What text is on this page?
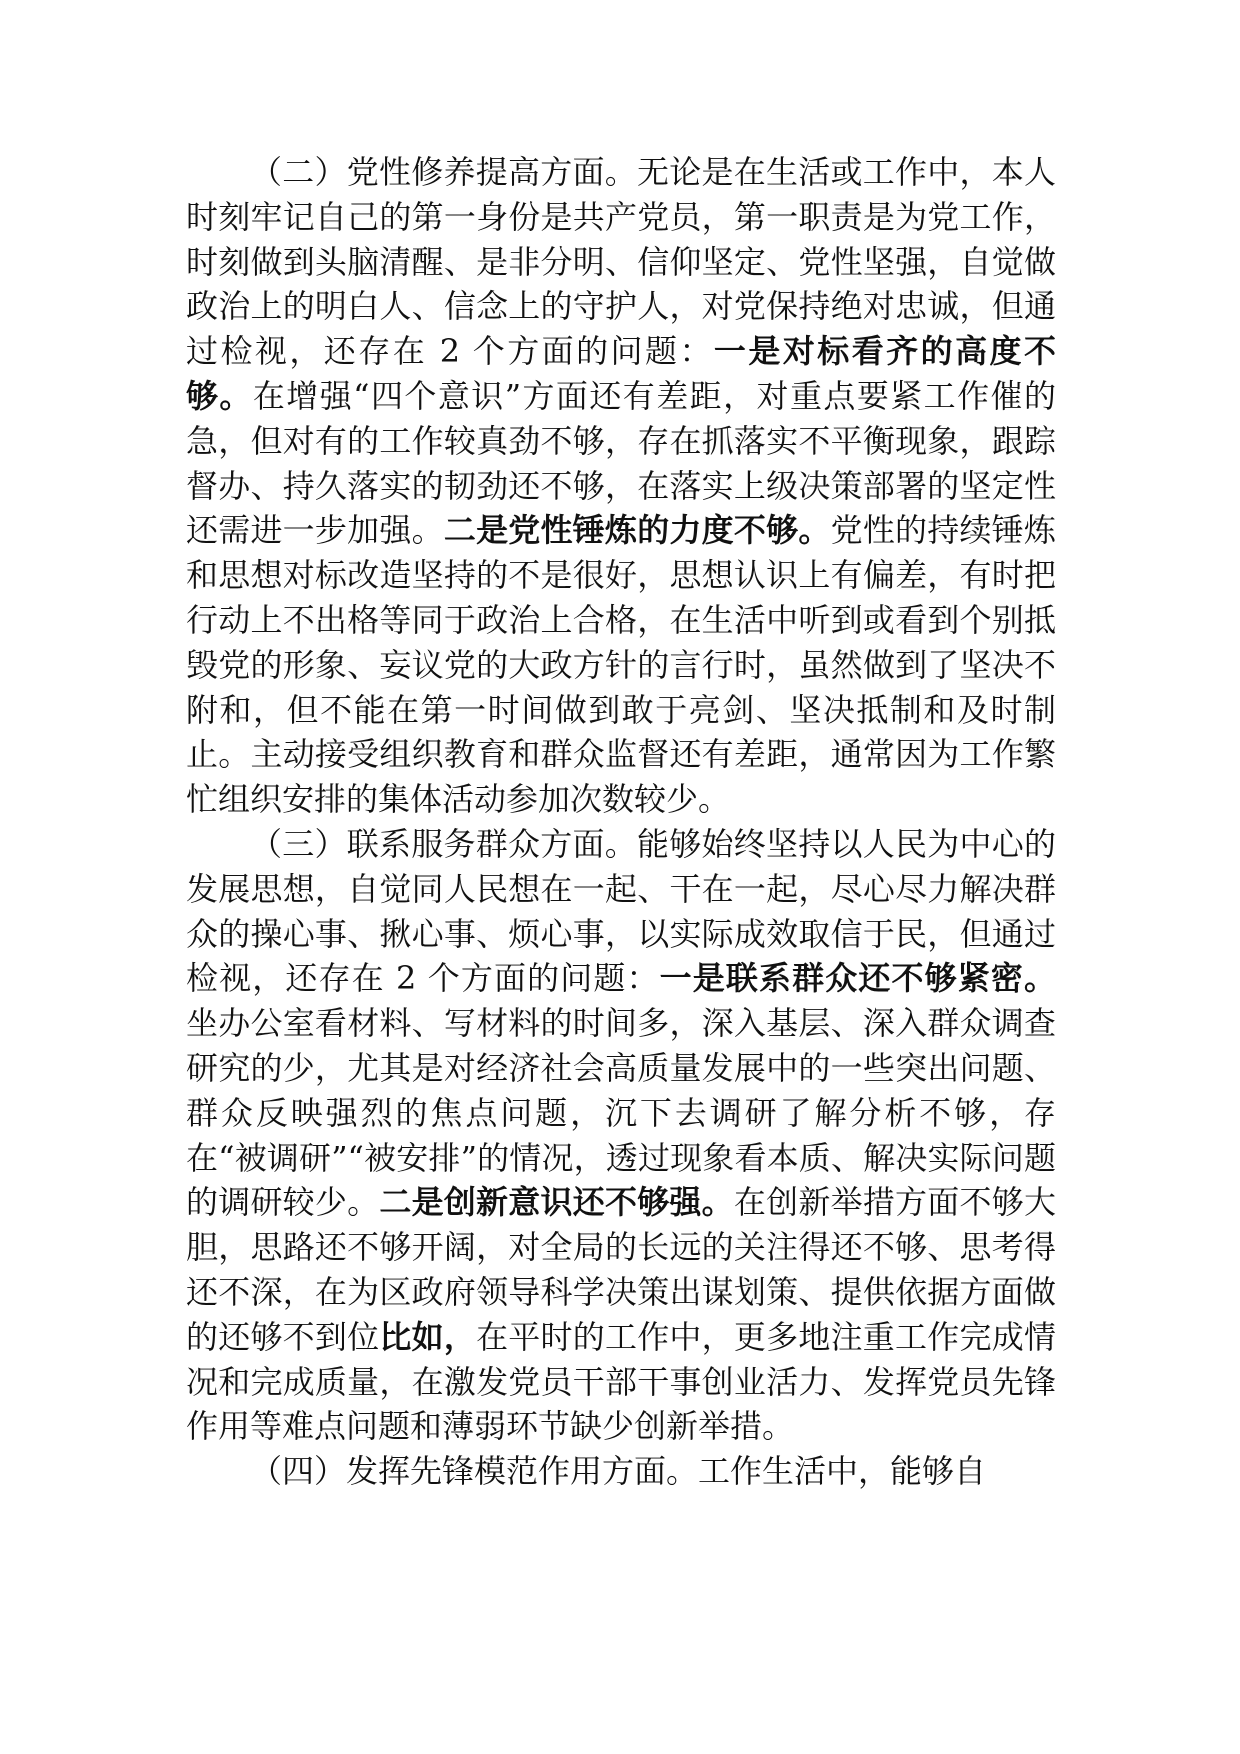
（二）党性修养提高方面。无论是在生活或工作中，本人时刻牢记自己的第一身份是共产党员，第一职责是为党工作，时刻做到头脑清醒、是非分明、信仰坚定、党性坚强，自觉做政治上的明白人、信念上的守护人，对党保持绝对忠诚，但通过检视，还存在 2 个方面的问题：一是对标看齐的高度不够。在增强“四个意识”方面还有差距，对重点要紧工作催的急，但对有的工作较真劲不够，存在抓落实不平衡现象，跟踪督办、持久落实的韧劲还不够，在落实上级决策部署的坚定性还需进一步加强。二是党性锤炼的力度不够。党性的持续锤炼和思想对标改造坚持的不是很好，思想认识上有偏差，有时把行动上不出格等同于政治上合格，在生活中听到或看到个别抵毁党的形象、妄议党的大政方针的言行时，虽然做到了坚决不附和，但不能在第一时间做到敢于亮剑、坚决抵制和及时制止。主动接受组织教育和群众监督还有差距，通常因为工作繁忙组织安排的集体活动参加次数较少。

（三）联系服务群众方面。能够始终坚持以人民为中心的发展思想，自觉同人民想在一起、干在一起，尽心尽力解决群众的操心事、揪心事、烦心事，以实际成效取信于民，但通过检视，还存在 2 个方面的问题：一是联系群众还不够紧密。坐办公室看材料、写材料的时间多，深入基层、深入群众调查研究的少，尤其是对经济社会高质量发展中的一些突出问题、群众反映强烈的焦点问题，沉下去调研了解分析不够，存在“被调研”“被安排”的情况，透过现象看本质、解决实际问题的调研较少。二是创新意识还不够强。在创新举措方面不够大胆，思路还不够开阔，对全局的长远的关注得还不够、思考得还不深，在为区政府领导科学决策出谋划策、提供依据方面做的还够不到位比如，在平时的工作中，更多地注重工作完成情况和完成质量，在激发党员干部干事创业活力、发挥党员先锋作用等难点问题和薄弱环节缺少创新举措。

（四）发挥先锋模范作用方面。工作生活中，能够自
